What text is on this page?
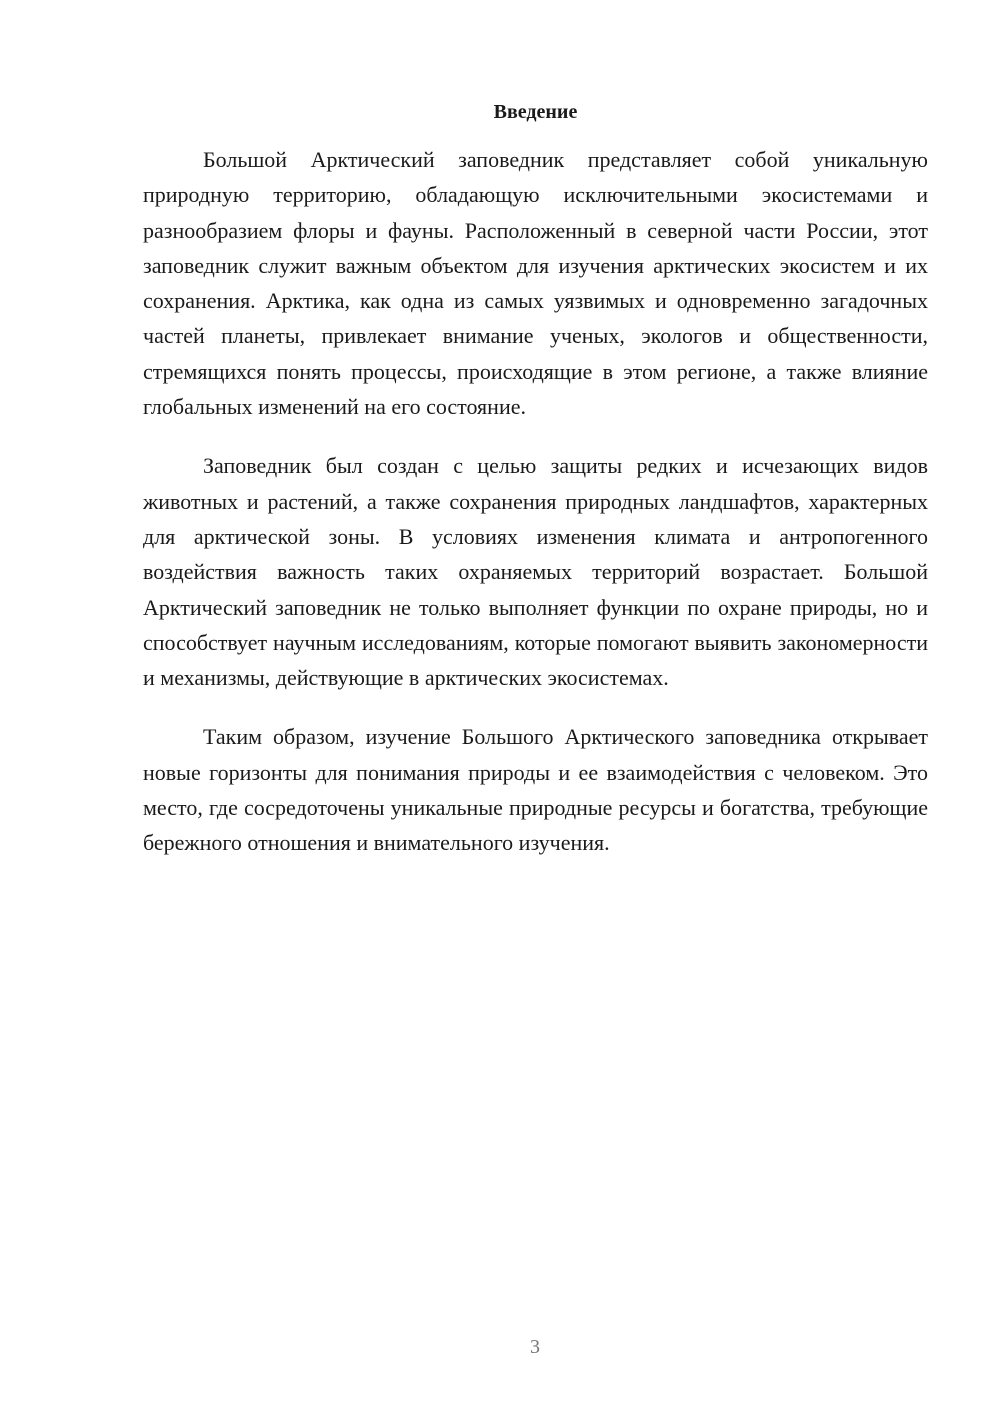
Введение

Большой Арктический заповедник представляет собой уникальную природную территорию, обладающую исключительными экосистемами и разнообразием флоры и фауны. Расположенный в северной части России, этот заповедник служит важным объектом для изучения арктических экосистем и их сохранения. Арктика, как одна из самых уязвимых и одновременно загадочных частей планеты, привлекает внимание ученых, экологов и общественности, стремящихся понять процессы, происходящие в этом регионе, а также влияние глобальных изменений на его состояние.

Заповедник был создан с целью защиты редких и исчезающих видов животных и растений, а также сохранения природных ландшафтов, характерных для арктической зоны. В условиях изменения климата и антропогенного воздействия важность таких охраняемых территорий возрастает. Большой Арктический заповедник не только выполняет функции по охране природы, но и способствует научным исследованиям, которые помогают выявить закономерности и механизмы, действующие в арктических экосистемах.

Таким образом, изучение Большого Арктического заповедника открывает новые горизонты для понимания природы и ее взаимодействия с человеком. Это место, где сосредоточены уникальные природные ресурсы и богатства, требующие бережного отношения и внимательного изучения.

3
